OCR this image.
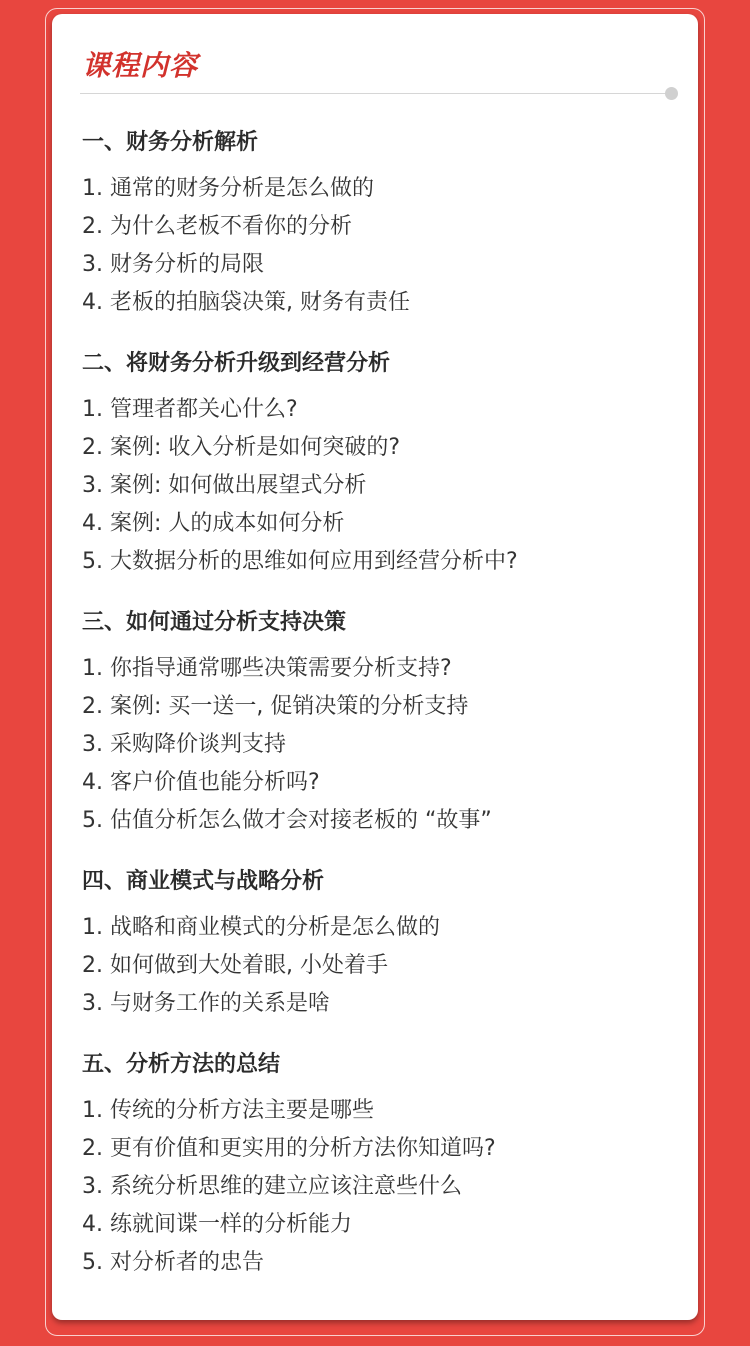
课程内容
一、财务分析解析
1. 通常的财务分析是怎么做的
2. 为什么老板不看你的分析
3. 财务分析的局限
4. 老板的拍脑袋决策, 财务有责任
二、将财务分析升级到经营分析
1. 管理者都关心什么?
2. 案例: 收入分析是如何突破的?
3. 案例: 如何做出展望式分析
4. 案例: 人的成本如何分析
5. 大数据分析的思维如何应用到经营分析中?
三、如何通过分析支持决策
1. 你指导通常哪些决策需要分析支持?
2. 案例: 买一送一, 促销决策的分析支持
3. 采购降价谈判支持
4. 客户价值也能分析吗?
5. 估值分析怎么做才会对接老板的 “故事”
四、商业模式与战略分析
1. 战略和商业模式的分析是怎么做的
2. 如何做到大处着眼, 小处着手
3. 与财务工作的关系是啥
五、分析方法的总结
1. 传统的分析方法主要是哪些
2. 更有价值和更实用的分析方法你知道吗?
3. 系统分析思维的建立应该注意些什么
4. 练就间谍一样的分析能力
5. 对分析者的忠告
